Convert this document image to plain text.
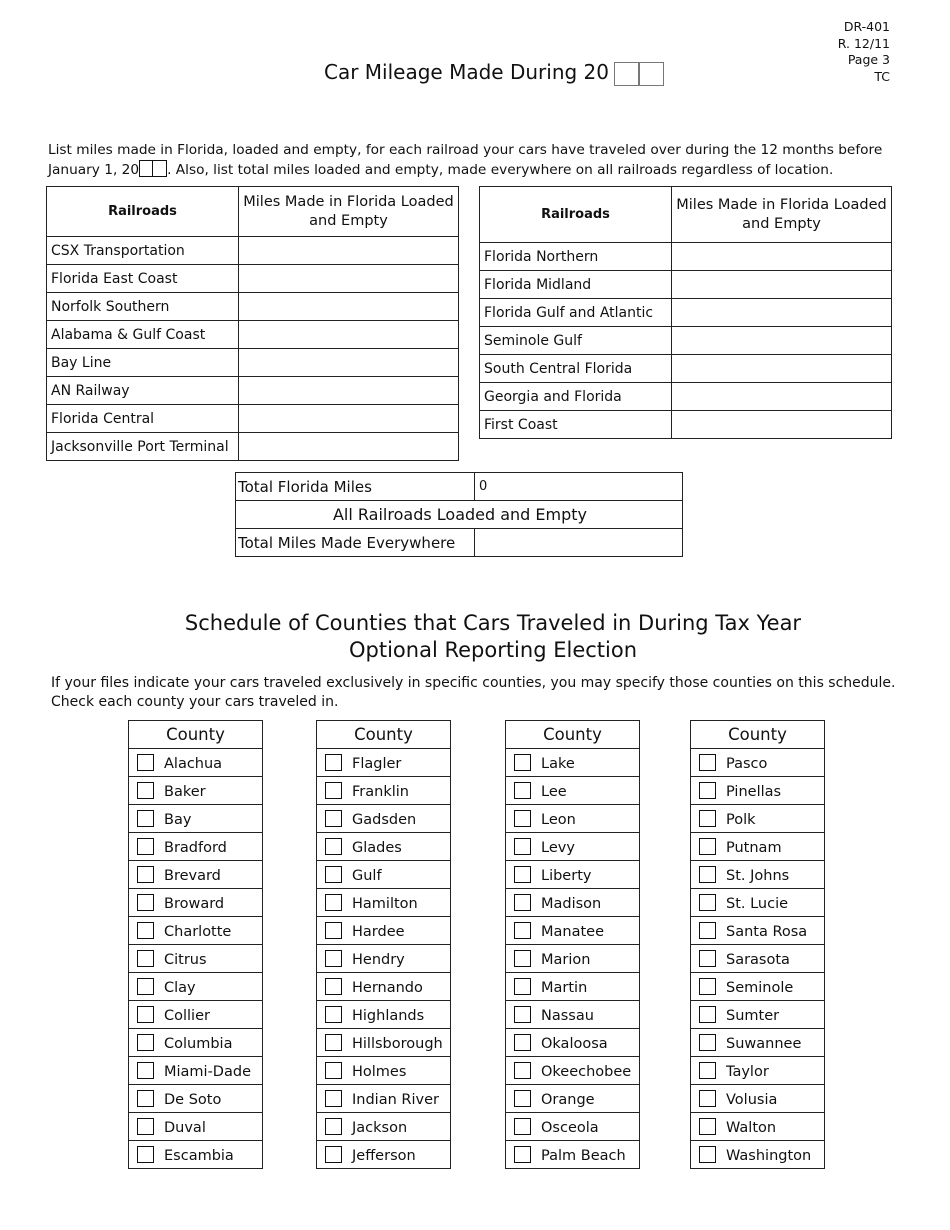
DR-401
R. 12/11
Page 3
TC
Car Mileage Made During 20
List miles made in Florida, loaded and empty, for each railroad your cars have traveled over during the 12 months before January 1, 20 . Also, list total miles loaded and empty, made everywhere on all railroads regardless of location.
Railroads	Miles Made in Florida Loaded and Empty
CSX Transportation	
Florida East Coast	
Norfolk Southern	
Alabama & Gulf Coast	
Bay Line	
AN Railway	
Florida Central	
Jacksonville Port Terminal	
Railroads	Miles Made in Florida Loaded and Empty
Florida Northern	
Florida Midland	
Florida Gulf and Atlantic	
Seminole Gulf	
South Central Florida	
Georgia and Florida	
First Coast	
Total Florida Miles	0
All Railroads Loaded and Empty	
Total Miles Made Everywhere	
Schedule of Counties that Cars Traveled in During Tax Year
Optional Reporting Election
If your files indicate your cars traveled exclusively in specific counties, you may specify those counties on this schedule. Check each county your cars traveled in.
County
Alachua
Baker
Bay
Bradford
Brevard
Broward
Charlotte
Citrus
Clay
Collier
Columbia
Miami-Dade
De Soto
Duval
Escambia
County
Flagler
Franklin
Gadsden
Glades
Gulf
Hamilton
Hardee
Hendry
Hernando
Highlands
Hillsborough
Holmes
Indian River
Jackson
Jefferson
County
Lake
Lee
Leon
Levy
Liberty
Madison
Manatee
Marion
Martin
Nassau
Okaloosa
Okeechobee
Orange
Osceola
Palm Beach
County
Pasco
Pinellas
Polk
Putnam
St. Johns
St. Lucie
Santa Rosa
Sarasota
Seminole
Sumter
Suwannee
Taylor
Volusia
Walton
Washington
